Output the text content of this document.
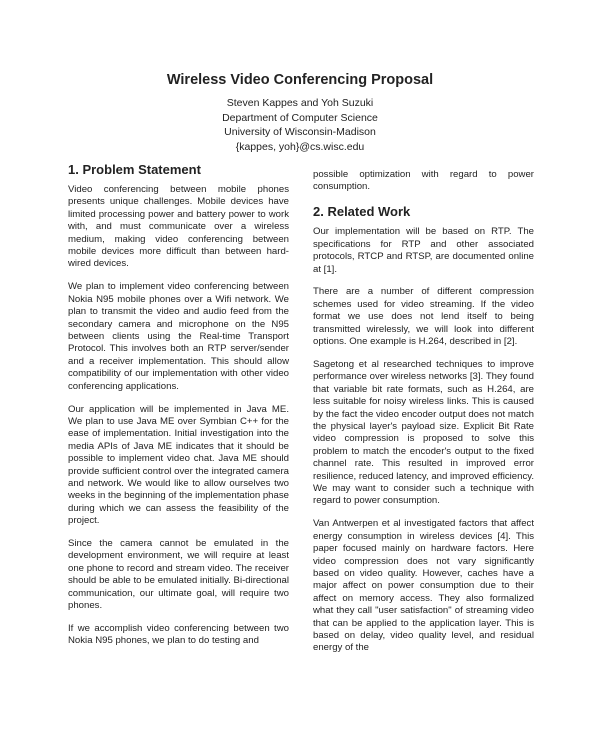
Wireless Video Conferencing Proposal
Steven Kappes and Yoh Suzuki
Department of Computer Science
University of Wisconsin-Madison
{kappes, yoh}@cs.wisc.edu
1. Problem Statement

Video conferencing between mobile phones presents unique challenges. Mobile devices have limited processing power and battery power to work with, and must communicate over a wireless medium, making video conferencing between mobile devices more difficult than between hard-wired devices.

We plan to implement video conferencing between Nokia N95 mobile phones over a Wifi network. We plan to transmit the video and audio feed from the secondary camera and microphone on the N95 between clients using the Real-time Transport Protocol. This involves both an RTP server/sender and a receiver implementation. This should allow compatibility of our implementation with other video conferencing applications.

Our application will be implemented in Java ME. We plan to use Java ME over Symbian C++ for the ease of implementation. Initial investigation into the media APIs of Java ME indicates that it should be possible to implement video chat. Java ME should provide sufficient control over the integrated camera and network. We would like to allow ourselves two weeks in the beginning of the implementation phase during which we can assess the feasibility of the project.

Since the camera cannot be emulated in the development environment, we will require at least one phone to record and stream video. The receiver should be able to be emulated initially. Bi-directional communication, our ultimate goal, will require two phones.

If we accomplish video conferencing between two Nokia N95 phones, we plan to do testing and

possible optimization with regard to power consumption.

2. Related Work

Our implementation will be based on RTP. The specifications for RTP and other associated protocols, RTCP and RTSP, are documented online at [1].

There are a number of different compression schemes used for video streaming. If the video format we use does not lend itself to being transmitted wirelessly, we will look into different options. One example is H.264, described in [2].

Sagetong et al researched techniques to improve performance over wireless networks [3]. They found that variable bit rate formats, such as H.264, are less suitable for noisy wireless links. This is caused by the fact the video encoder output does not match the physical layer's payload size. Explicit Bit Rate video compression is proposed to solve this problem to match the encoder's output to the fixed channel rate. This resulted in improved error resilience, reduced latency, and improved efficiency. We may want to consider such a technique with regard to power consumption.

Van Antwerpen et al investigated factors that affect energy consumption in wireless devices [4]. This paper focused mainly on hardware factors. Here video compression does not vary significantly based on video quality. However, caches have a major affect on power consumption due to their affect on memory access. They also formalized what they call "user satisfaction" of streaming video that can be applied to the application layer. This is based on delay, video quality level, and residual energy of the
